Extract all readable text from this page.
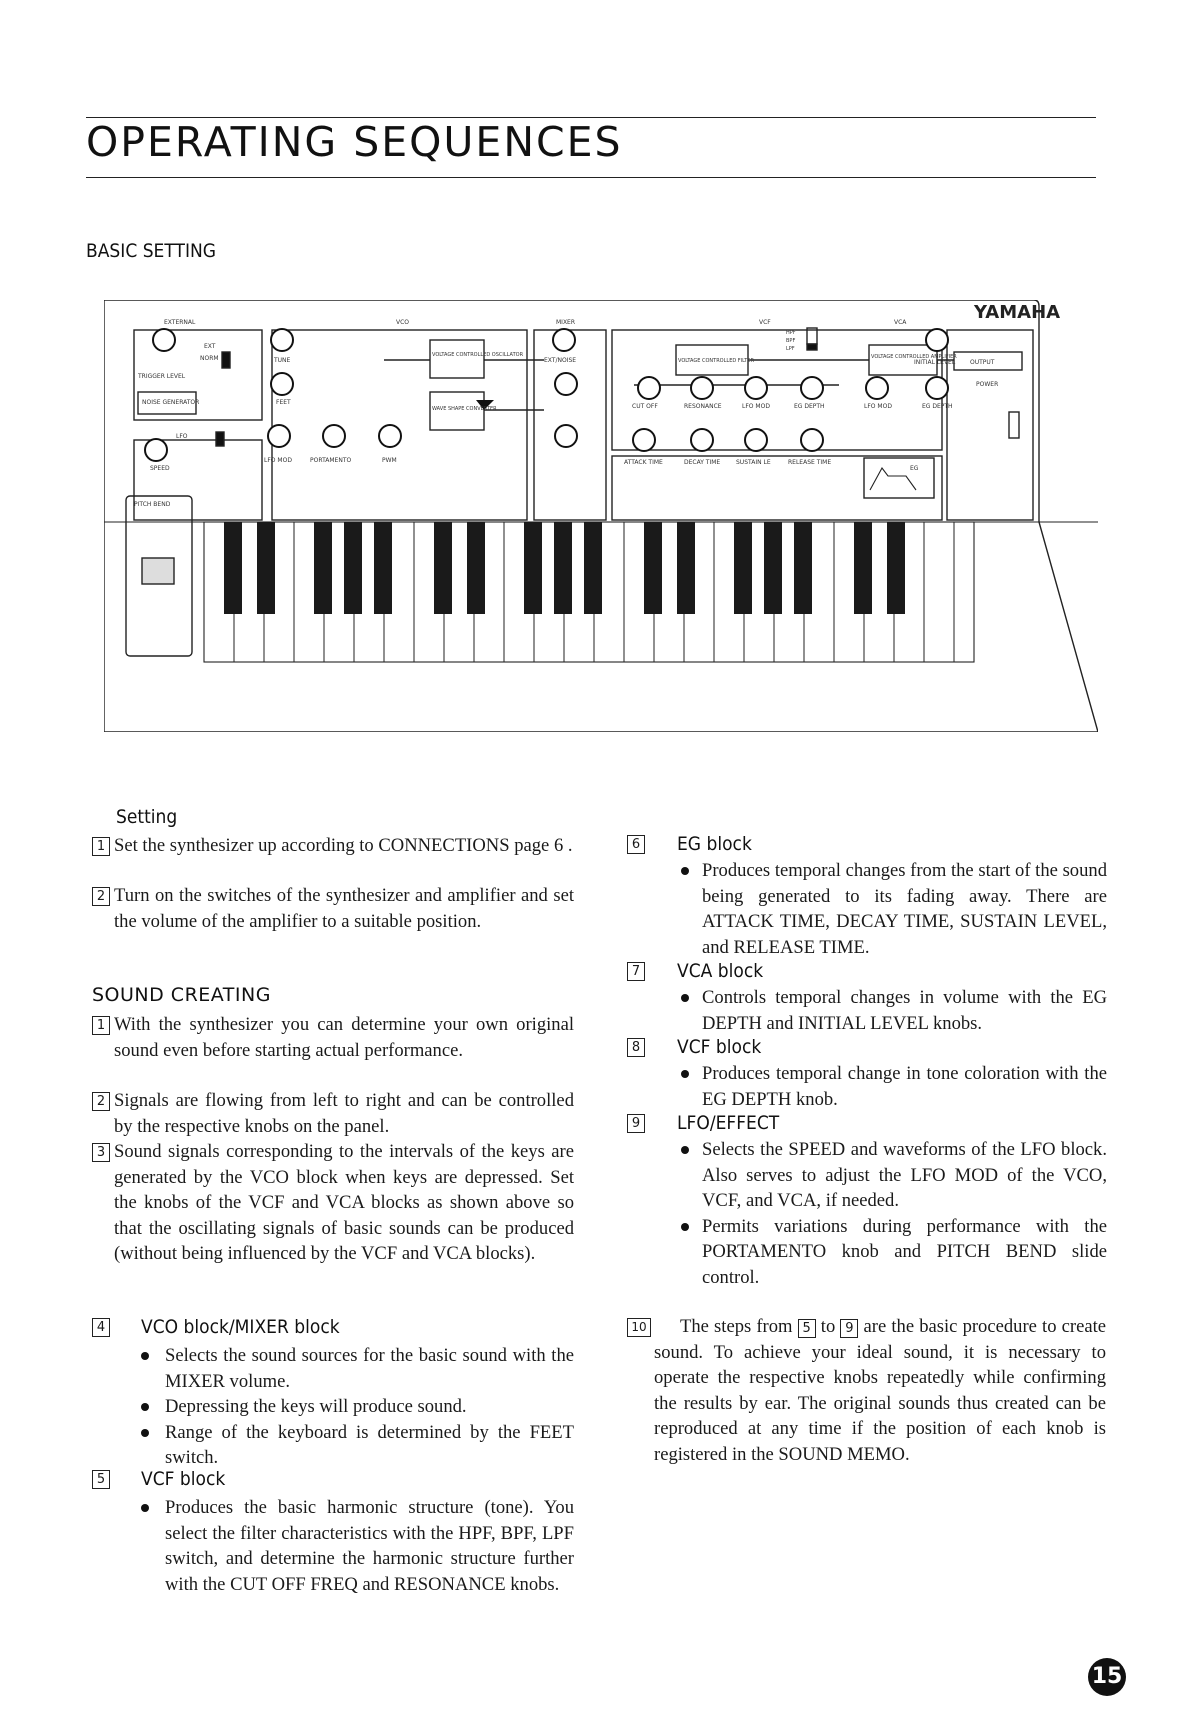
OPERATING SEQUENCES
BASIC SETTING
EXTERNAL
TRIGGER LEVEL
EXT
NORM
NOISE GENERATOR
LFO
SPEED
PITCH BEND
VCO
VOLTAGE CONTROLLED OSCILLATOR
WAVE SHAPE CONVERTER
TUNE
FEET
LFO MOD	PORTAMENTO	PWM
MIXER
EXT/NOISE
VCF
VOLTAGE CONTROLLED FILTER
HPF
BPF
LPF
CUT OFF	RESONANCE	LFO MOD	EG DEPTH
VCA
VOLTAGE CONTROLLED AMPLIFIER
INITIAL LEVEL
LFO MOD	EG DEPTH
OUTPUT
POWER
ATTACK TIME	DECAY TIME	SUSTAIN LE	RELEASE TIME
EG
YAMAHA
Setting
1 Set the synthesizer up according to CONNECTIONS page 6 .
2 Turn on the switches of the synthesizer and amplifier and set the volume of the amplifier to a suitable position.
SOUND CREATING
1 With the synthesizer you can determine your own original sound even before starting actual performance.
2 Signals are flowing from left to right and can be controlled by the respective knobs on the panel.
3 Sound signals corresponding to the intervals of the keys are generated by the VCO block when keys are depressed. Set the knobs of the VCF and VCA blocks as shown above so that the oscillating signals of basic sounds can be produced (without being influenced by the VCF and VCA blocks).
4 VCO block/MIXER block
Selects the sound sources for the basic sound with the MIXER volume.
Depressing the keys will produce sound.
Range of the keyboard is determined by the FEET switch.
5 VCF block
Produces the basic harmonic structure (tone). You select the filter characteristics with the HPF, BPF, LPF switch, and determine the harmonic structure further with the CUT OFF FREQ and RESONANCE knobs.
6 EG block
Produces temporal changes from the start of the sound being generated to its fading away. There are ATTACK TIME, DECAY TIME, SUSTAIN LEVEL, and RELEASE TIME.
7 VCA block
Controls temporal changes in volume with the EG DEPTH and INITIAL LEVEL knobs.
8 VCF block
Produces temporal change in tone coloration with the EG DEPTH knob.
9 LFO/EFFECT
Selects the SPEED and waveforms of the LFO block. Also serves to adjust the LFO MOD of the VCO, VCF, and VCA, if needed.
Permits variations during performance with the PORTAMENTO knob and PITCH BEND slide control.
10	The steps from 5 to 9 are the basic procedure to create sound. To achieve your ideal sound, it is necessary to operate the respective knobs repeatedly while confirming the results by ear. The original sounds thus created can be reproduced at any time if the position of each knob is registered in the SOUND MEMO.
15
